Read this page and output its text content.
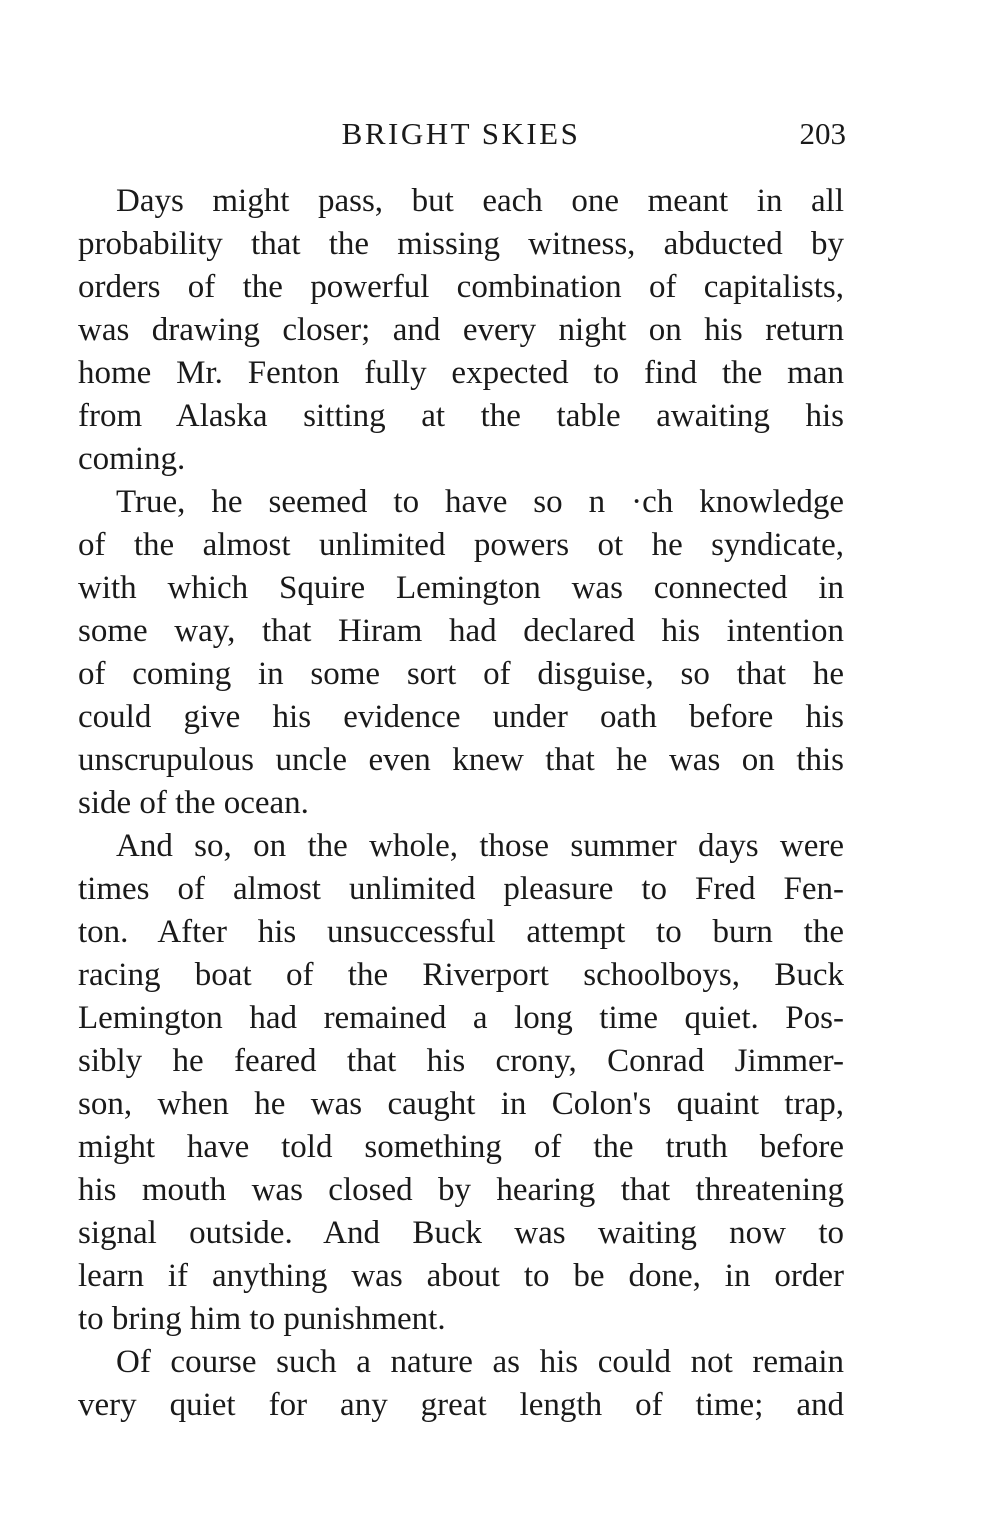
BRIGHT SKIES	203
Days might pass, but each one meant in all
probability that the missing witness, abducted by
orders of the powerful combination of capitalists,
was drawing closer; and every night on his return
home Mr. Fenton fully expected to find the man
from Alaska sitting at the table awaiting his
coming.
True, he seemed to have so n ·ch knowledge
of the almost unlimited powers ot he syndicate,
with which Squire Lemington was connected in
some way, that Hiram had declared his intention
of coming in some sort of disguise, so that he
could give his evidence under oath before his
unscrupulous uncle even knew that he was on this
side of the ocean.
And so, on the whole, those summer days were
times of almost unlimited pleasure to Fred Fen-
ton. After his unsuccessful attempt to burn the
racing boat of the Riverport schoolboys, Buck
Lemington had remained a long time quiet. Pos-
sibly he feared that his crony, Conrad Jimmer-
son, when he was caught in Colon's quaint trap,
might have told something of the truth before
his mouth was closed by hearing that threatening
signal outside. And Buck was waiting now to
learn if anything was about to be done, in order
to bring him to punishment.
Of course such a nature as his could not remain
very quiet for any great length of time; and
